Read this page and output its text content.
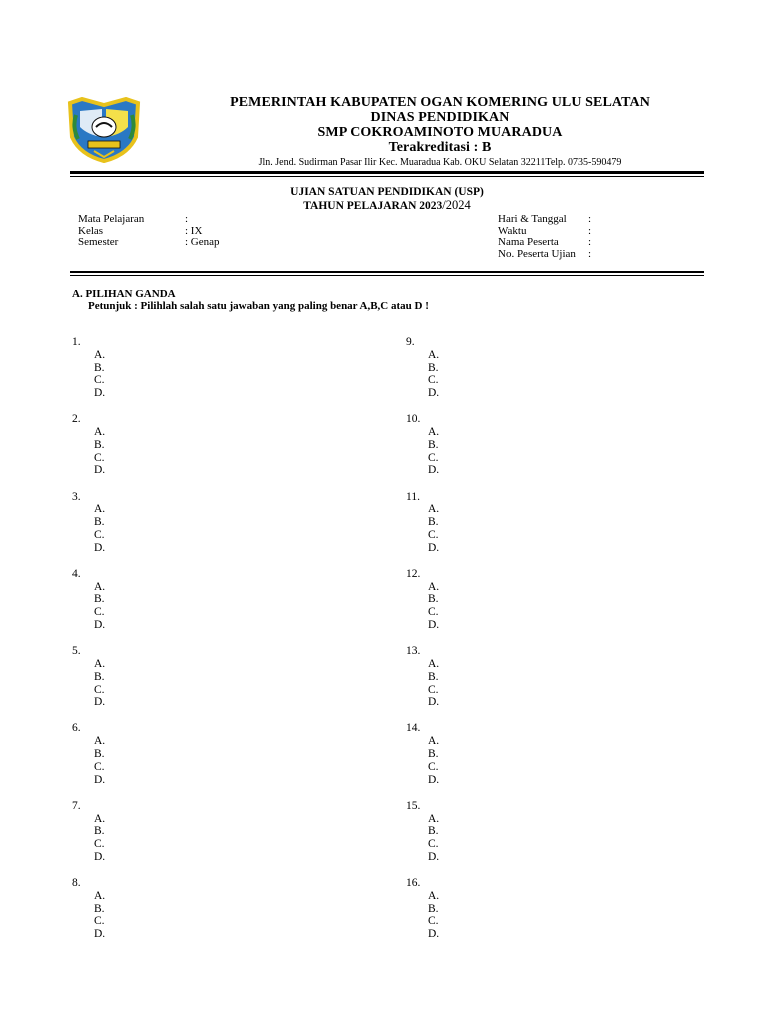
PEMERINTAH KABUPATEN OGAN KOMERING ULU SELATAN
DINAS PENDIDIKAN
SMP COKROAMINOTO MUARADUA
Terakreditasi : B
Jln. Jend. Sudirman Pasar Ilir Kec. Muaradua Kab. OKU Selatan 32211Telp. 0735-590479
UJIAN SATUAN PENDIDIKAN (USP)
TAHUN PELAJARAN 2023/2024
Mata Pelajaran	:
Kelas	: IX
Semester	: Genap
Hari & Tanggal	:
Waktu	:
Nama Peserta	:
No. Peserta Ujian	:
A. PILIHAN GANDA
Petunjuk : Pilihlah salah satu jawaban yang paling benar A,B,C atau D !
1.
A.
B.
C.
D.
2.
A.
B.
C.
D.
3.
A.
B.
C.
D.
4.
A.
B.
C.
D.
5.
A.
B.
C.
D.
6.
A.
B.
C.
D.
7.
A.
B.
C.
D.
8.
A.
B.
C.
D.
9.
A.
B.
C.
D.
10.
A.
B.
C.
D.
11.
A.
B.
C.
D.
12.
A.
B.
C.
D.
13.
A.
B.
C.
D.
14.
A.
B.
C.
D.
15.
A.
B.
C.
D.
16.
A.
B.
C.
D.
